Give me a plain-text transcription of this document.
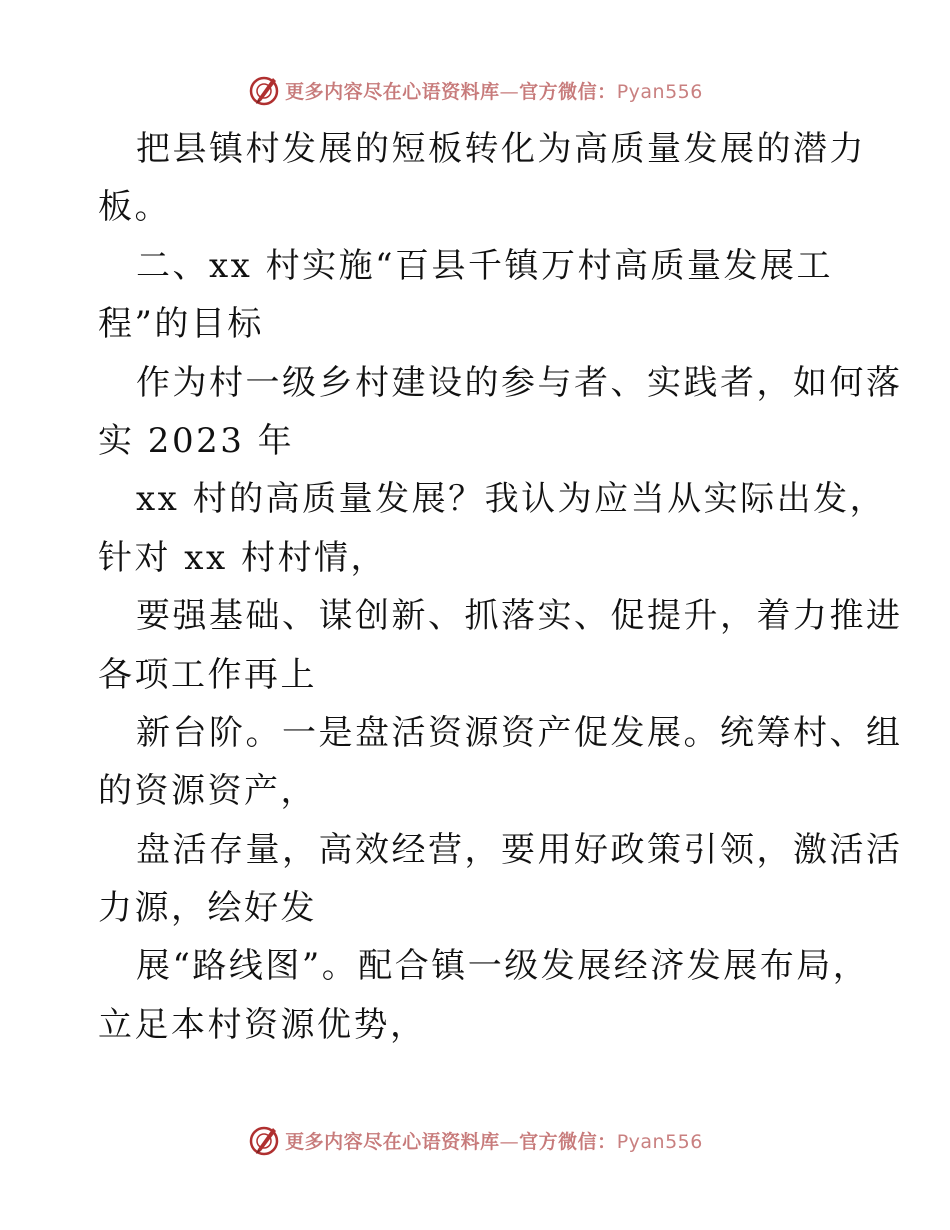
更多内容尽在心语资料库—官方微信：Pyan556
把县镇村发展的短板转化为高质量发展的潜力
板。
二、xx 村实施“百县千镇万村高质量发展工
程”的目标
作为村一级乡村建设的参与者、实践者，如何落
实 2023 年
xx 村的高质量发展？我认为应当从实际出发，
针对 xx 村村情，
要强基础、谋创新、抓落实、促提升，着力推进
各项工作再上
新台阶。一是盘活资源资产促发展。统筹村、组
的资源资产，
盘活存量，高效经营，要用好政策引领，激活活
力源，绘好发
展“路线图”。配合镇一级发展经济发展布局，
立足本村资源优势，
更多内容尽在心语资料库—官方微信：Pyan556
